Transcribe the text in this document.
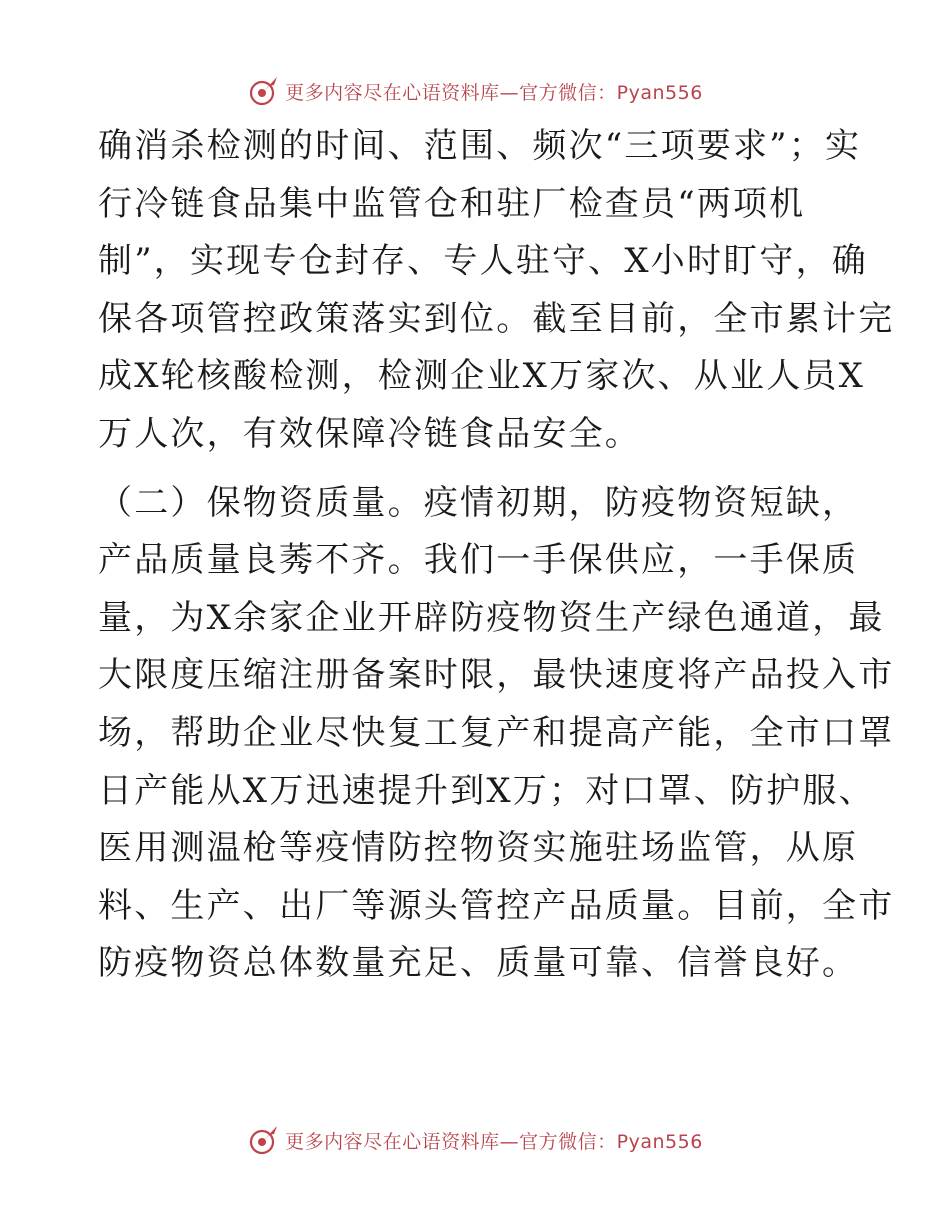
更多内容尽在心语资料库—官方微信：Pyan556

确消杀检测的时间、范围、频次“三项要求”；实
行冷链食品集中监管仓和驻厂检查员“两项机
制”，实现专仓封存、专人驻守、X小时盯守，确
保各项管控政策落实到位。截至目前，全市累计完
成X轮核酸检测，检测企业X万家次、从业人员X
万人次，有效保障冷链食品安全。

（二）保物资质量。疫情初期，防疫物资短缺，
产品质量良莠不齐。我们一手保供应，一手保质
量，为X余家企业开辟防疫物资生产绿色通道，最
大限度压缩注册备案时限，最快速度将产品投入市
场，帮助企业尽快复工复产和提高产能，全市口罩
日产能从X万迅速提升到X万；对口罩、防护服、
医用测温枪等疫情防控物资实施驻场监管，从原
料、生产、出厂等源头管控产品质量。目前，全市
防疫物资总体数量充足、质量可靠、信誉良好。

更多内容尽在心语资料库—官方微信：Pyan556
